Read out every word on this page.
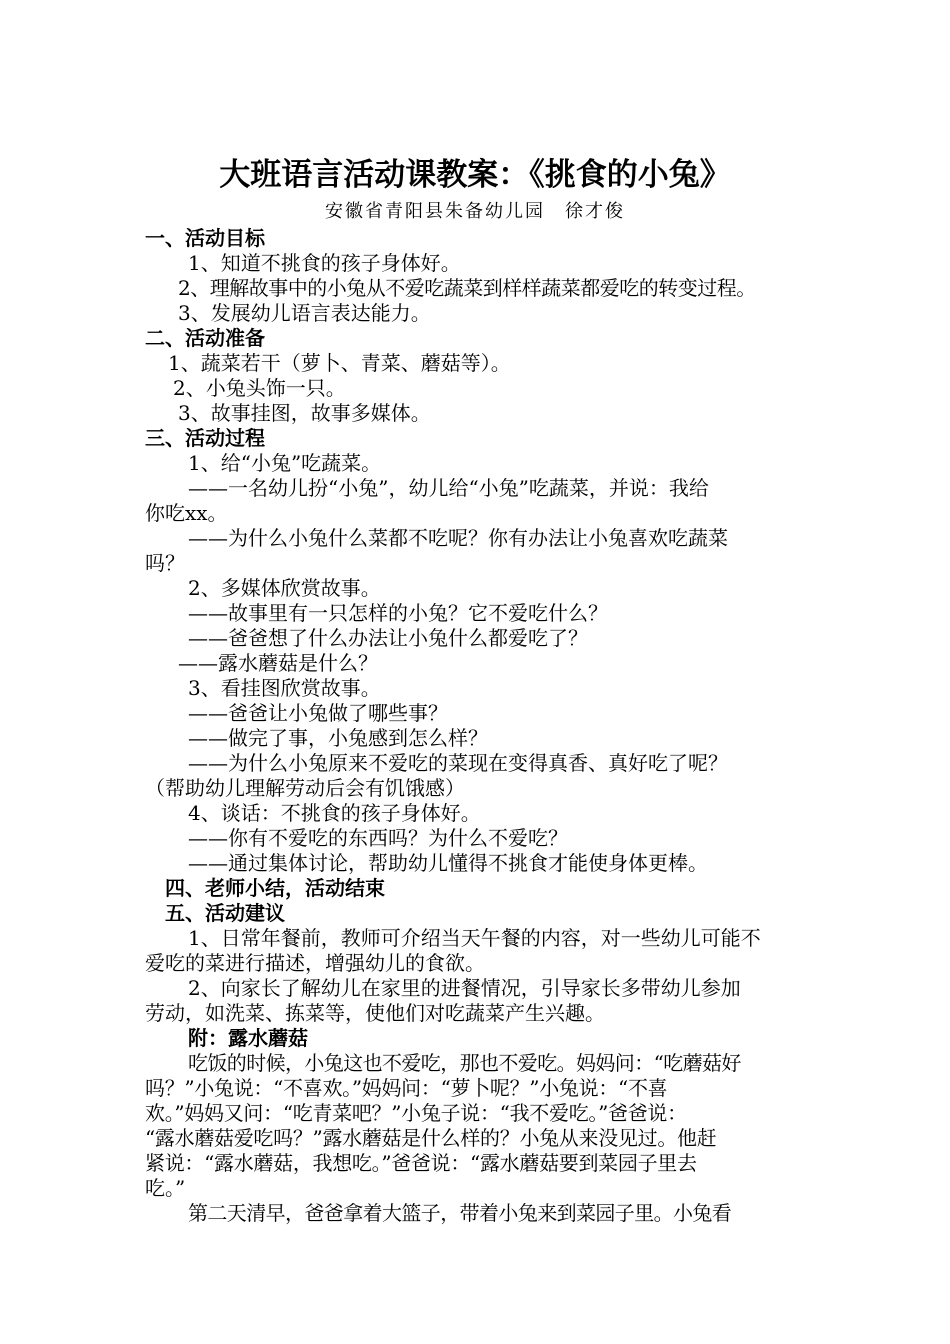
大班语言活动课教案：《挑食的小兔》
安徽省青阳县朱备幼儿园　徐才俊
一、活动目标
1、知道不挑食的孩子身体好。
2、理解故事中的小兔从不爱吃蔬菜到样样蔬菜都爱吃的转变过程。
3、发展幼儿语言表达能力。
二、活动准备
1、蔬菜若干（萝卜、青菜、蘑菇等）。
2、小兔头饰一只。
3、故事挂图，故事多媒体。
三、活动过程
1、给“小兔”吃蔬菜。
——一名幼儿扮“小兔”，幼儿给“小兔”吃蔬菜，并说：我给
你吃xx。
——为什么小兔什么菜都不吃呢？你有办法让小兔喜欢吃蔬菜
吗？
2、多媒体欣赏故事。
——故事里有一只怎样的小兔？它不爱吃什么？
——爸爸想了什么办法让小兔什么都爱吃了？
——露水蘑菇是什么？
3、看挂图欣赏故事。
——爸爸让小兔做了哪些事？
——做完了事，小兔感到怎么样？
——为什么小兔原来不爱吃的菜现在变得真香、真好吃了呢？
（帮助幼儿理解劳动后会有饥饿感）
4、谈话：不挑食的孩子身体好。
——你有不爱吃的东西吗？为什么不爱吃？
——通过集体讨论，帮助幼儿懂得不挑食才能使身体更棒。
四、老师小结，活动结束
五、活动建议
1、日常年餐前，教师可介绍当天午餐的内容，对一些幼儿可能不
爱吃的菜进行描述，增强幼儿的食欲。
2、向家长了解幼儿在家里的进餐情况，引导家长多带幼儿参加
劳动，如洗菜、拣菜等，使他们对吃蔬菜产生兴趣。
附：露水蘑菇
吃饭的时候，小兔这也不爱吃，那也不爱吃。妈妈问：“吃蘑菇好
吗？”小兔说：“不喜欢。”妈妈问：“萝卜呢？”小兔说：“不喜
欢。”妈妈又问：“吃青菜吧？”小兔子说：“我不爱吃。”爸爸说：
“露水蘑菇爱吃吗？”露水蘑菇是什么样的？小兔从来没见过。他赶
紧说：“露水蘑菇，我想吃。”爸爸说：“露水蘑菇要到菜园子里去
吃。”
第二天清早，爸爸拿着大篮子，带着小兔来到菜园子里。小兔看
